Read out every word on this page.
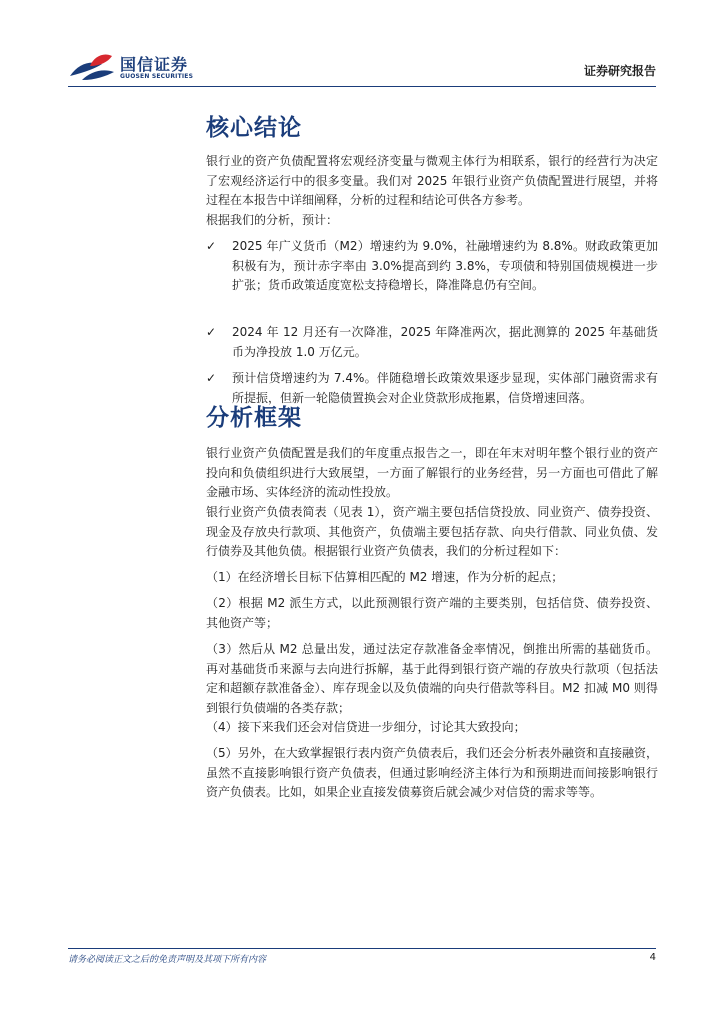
国信证券
GUOSEN SECURITIES	证券研究报告
核心结论

银行业的资产负债配置将宏观经济变量与微观主体行为相联系，银行的经营行为决定了宏观经济运行中的很多变量。我们对 2025 年银行业资产负债配置进行展望，并将过程在本报告中详细阐释，分析的过程和结论可供各方参考。

根据我们的分析，预计：

✓ 2025 年广义货币（M2）增速约为 9.0%，社融增速约为 8.8%。财政政策更加积极有为，预计赤字率由 3.0%提高到约 3.8%，专项债和特别国债规模进一步扩张；货币政策适度宽松支持稳增长，降准降息仍有空间。

✓ 2024 年 12 月还有一次降准，2025 年降准两次，据此测算的 2025 年基础货币为净投放 1.0 万亿元。

✓ 预计信贷增速约为 7.4%。伴随稳增长政策效果逐步显现，实体部门融资需求有所提振，但新一轮隐债置换会对企业贷款形成拖累，信贷增速回落。

分析框架

银行业资产负债配置是我们的年度重点报告之一，即在年末对明年整个银行业的资产投向和负债组织进行大致展望，一方面了解银行的业务经营，另一方面也可借此了解金融市场、实体经济的流动性投放。

银行业资产负债表简表（见表 1），资产端主要包括信贷投放、同业资产、债券投资、现金及存放央行款项、其他资产，负债端主要包括存款、向央行借款、同业负债、发行债券及其他负债。根据银行业资产负债表，我们的分析过程如下：

（1）在经济增长目标下估算相匹配的 M2 增速，作为分析的起点；

（2）根据 M2 派生方式，以此预测银行资产端的主要类别，包括信贷、债券投资、其他资产等；

（3）然后从 M2 总量出发，通过法定存款准备金率情况，倒推出所需的基础货币。再对基础货币来源与去向进行拆解，基于此得到银行资产端的存放央行款项（包括法定和超额存款准备金）、库存现金以及负债端的向央行借款等科目。M2 扣减 M0 则得到银行负债端的各类存款；

（4）接下来我们还会对信贷进一步细分，讨论其大致投向；

（5）另外，在大致掌握银行表内资产负债表后，我们还会分析表外融资和直接融资，虽然不直接影响银行资产负债表，但通过影响经济主体行为和预期进而间接影响银行资产负债表。比如，如果企业直接发债募资后就会减少对信贷的需求等等。

请务必阅读正文之后的免责声明及其项下所有内容	4
